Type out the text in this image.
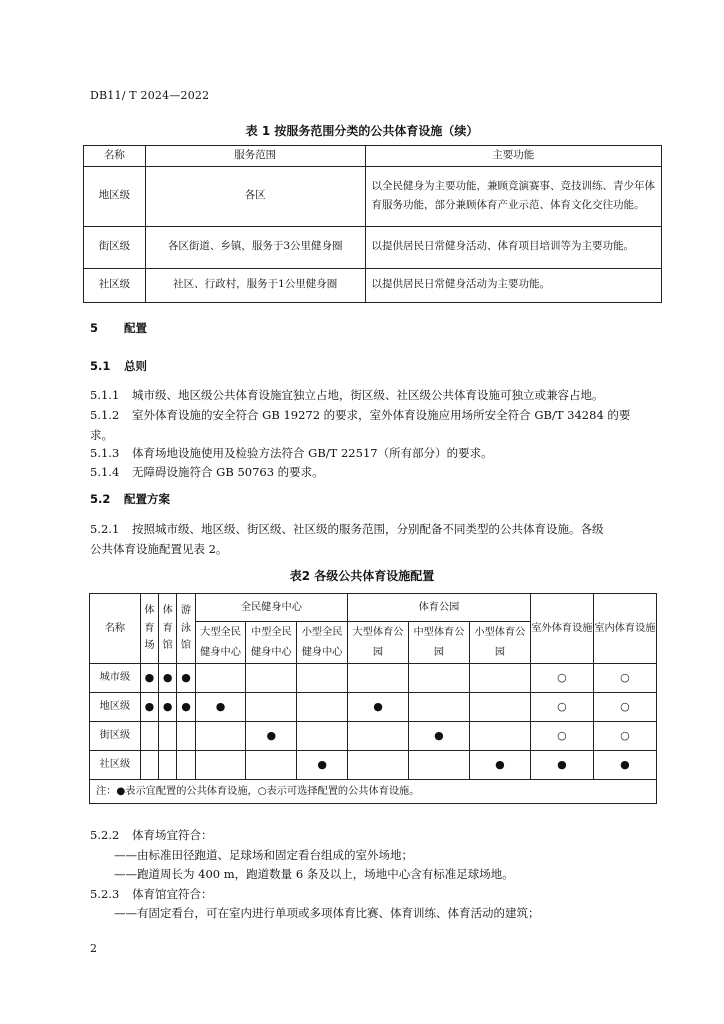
DB11/ T 2024—2022
表 1 按服务范围分类的公共体育设施（续）
名称	服务范围	主要功能
地区级	各区	以全民健身为主要功能，兼顾竞演赛事、竞技训练、青少年体育服务功能，部分兼顾体育产业示范、体育文化交往功能。
街区级	各区街道、乡镇，服务于3公里健身圈	以提供居民日常健身活动、体育项目培训等为主要功能。
社区级	社区、行政村，服务于1公里健身圈	以提供居民日常健身活动为主要功能。
5 配置
5.1 总则
5.1.1 城市级、地区级公共体育设施宜独立占地，街区级、社区级公共体育设施可独立或兼容占地。
5.1.2 室外体育设施的安全符合 GB 19272 的要求，室外体育设施应用场所安全符合 GB/T 34284 的要
求。
5.1.3 体育场地设施使用及检验方法符合 GB/T 22517（所有部分）的要求。
5.1.4 无障碍设施符合 GB 50763 的要求。
5.2 配置方案
5.2.1 按照城市级、地区级、街区级、社区级的服务范围，分别配备不同类型的公共体育设施。各级
公共体育设施配置见表 2。
表2 各级公共体育设施配置
名称	体育场	体育馆	游泳馆	全民健身中心			体育公园			室外体育设施	室内体育设施
				大型全民健身中心	中型全民健身中心	小型全民健身中心	大型体育公园	中型体育公园	小型体育公园		
城市级	●	●	●							○	○
地区级	●	●	●	●			●			○	○
街区级					●			●		○	○
社区级						●			●	●	●
注：●表示宜配置的公共体育设施，○表示可选择配置的公共体育设施。											
5.2.2 体育场宜符合：
——由标准田径跑道、足球场和固定看台组成的室外场地；
——跑道周长为 400 m，跑道数量 6 条及以上，场地中心含有标准足球场地。
5.2.3 体育馆宜符合：
——有固定看台，可在室内进行单项或多项体育比赛、体育训练、体育活动的建筑；
2
